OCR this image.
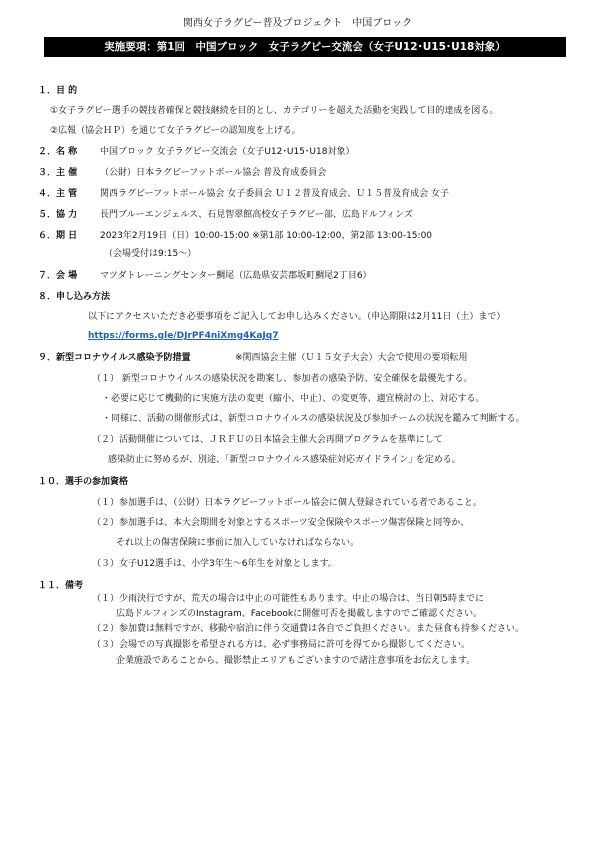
関西女子ラグビー普及プロジェクト　中国ブロック
実施要項：第1回　中国ブロック　女子ラグビー交流会（女子U12･U15･U18対象）
１．目 的
①女子ラグビー選手の競技者確保と競技継続を目的とし、カテゴリーを超えた活動を実践して目的達成を図る。
②広報（協会ＨＰ）を通じて女子ラグビーの認知度を上げる。
２．名 称	中国ブロック 女子ラグビー交流会（女子U12･U15･U18対象）
３．主 催	（公財）日本ラグビーフットボール協会 普及育成委員会
４．主 管	関西ラグビーフットボール協会 女子委員会 Ｕ１２普及育成会、Ｕ１５普及育成会 女子
５．協 力	長門ブルーエンジェルス、石見智翠館高校女子ラグビー部、広島ドルフィンズ
６．期 日	2023年2月19日（日）10:00-15:00 ※第1部 10:00-12:00、第2部 13:00-15:00
（会場受付は9:15～）
７．会 場	マツダトレーニングセンター鯛尾（広島県安芸郡坂町鯛尾2丁目6）
８．申し込み方法
以下にアクセスいただき必要事項をご記入してお申し込みください。（申込期限は2月11日（土）まで）
https://forms.gle/DJrPF4niXmg4KaJq7
９．新型コロナウイルス感染予防措置	※関西協会主催（Ｕ１５女子大会）大会で使用の要項転用
（１） 新型コロナウイルスの感染状況を勘案し、参加者の感染予防、安全確保を最優先する。
・必要に応じて機動的に実施方法の変更（縮小、中止）、の変更等、適宜検討の上、対応する。
・同様に、活動の開催形式は、新型コロナウイルスの感染状況及び参加チームの状況を鑑みて判断する。
（２）活動開催については、ＪＲＦＵの日本協会主催大会再開プログラムを基準にして
感染防止に努めるが、別途、｢新型コロナウイルス感染症対応ガイドライン｣ を定める。
１０．選手の参加資格
（１）参加選手は、（公財）日本ラグビーフットボール協会に個人登録されている者であること。
（２）参加選手は、本大会期間を対象とするスポーツ安全保険やスポーツ傷害保険と同等か、
それ以上の傷害保険に事前に加入していなければならない。
（３）女子U12選手は、小学3年生～6年生を対象とします。
１１．備考
（１）少雨決行ですが、荒天の場合は中止の可能性もあります。中止の場合は、当日朝5時までに
広島ドルフィンズのInstagram、Facebookに開催可否を掲載しますのでご確認ください。
（２）参加費は無料ですが、移動や宿泊に伴う交通費は各自でご負担ください。また昼食も持参ください。
（３）会場での写真撮影を希望される方は、必ず事務局に許可を得てから撮影してください。
企業施設であることから、撮影禁止エリアもございますので諸注意事項をお伝えします。
